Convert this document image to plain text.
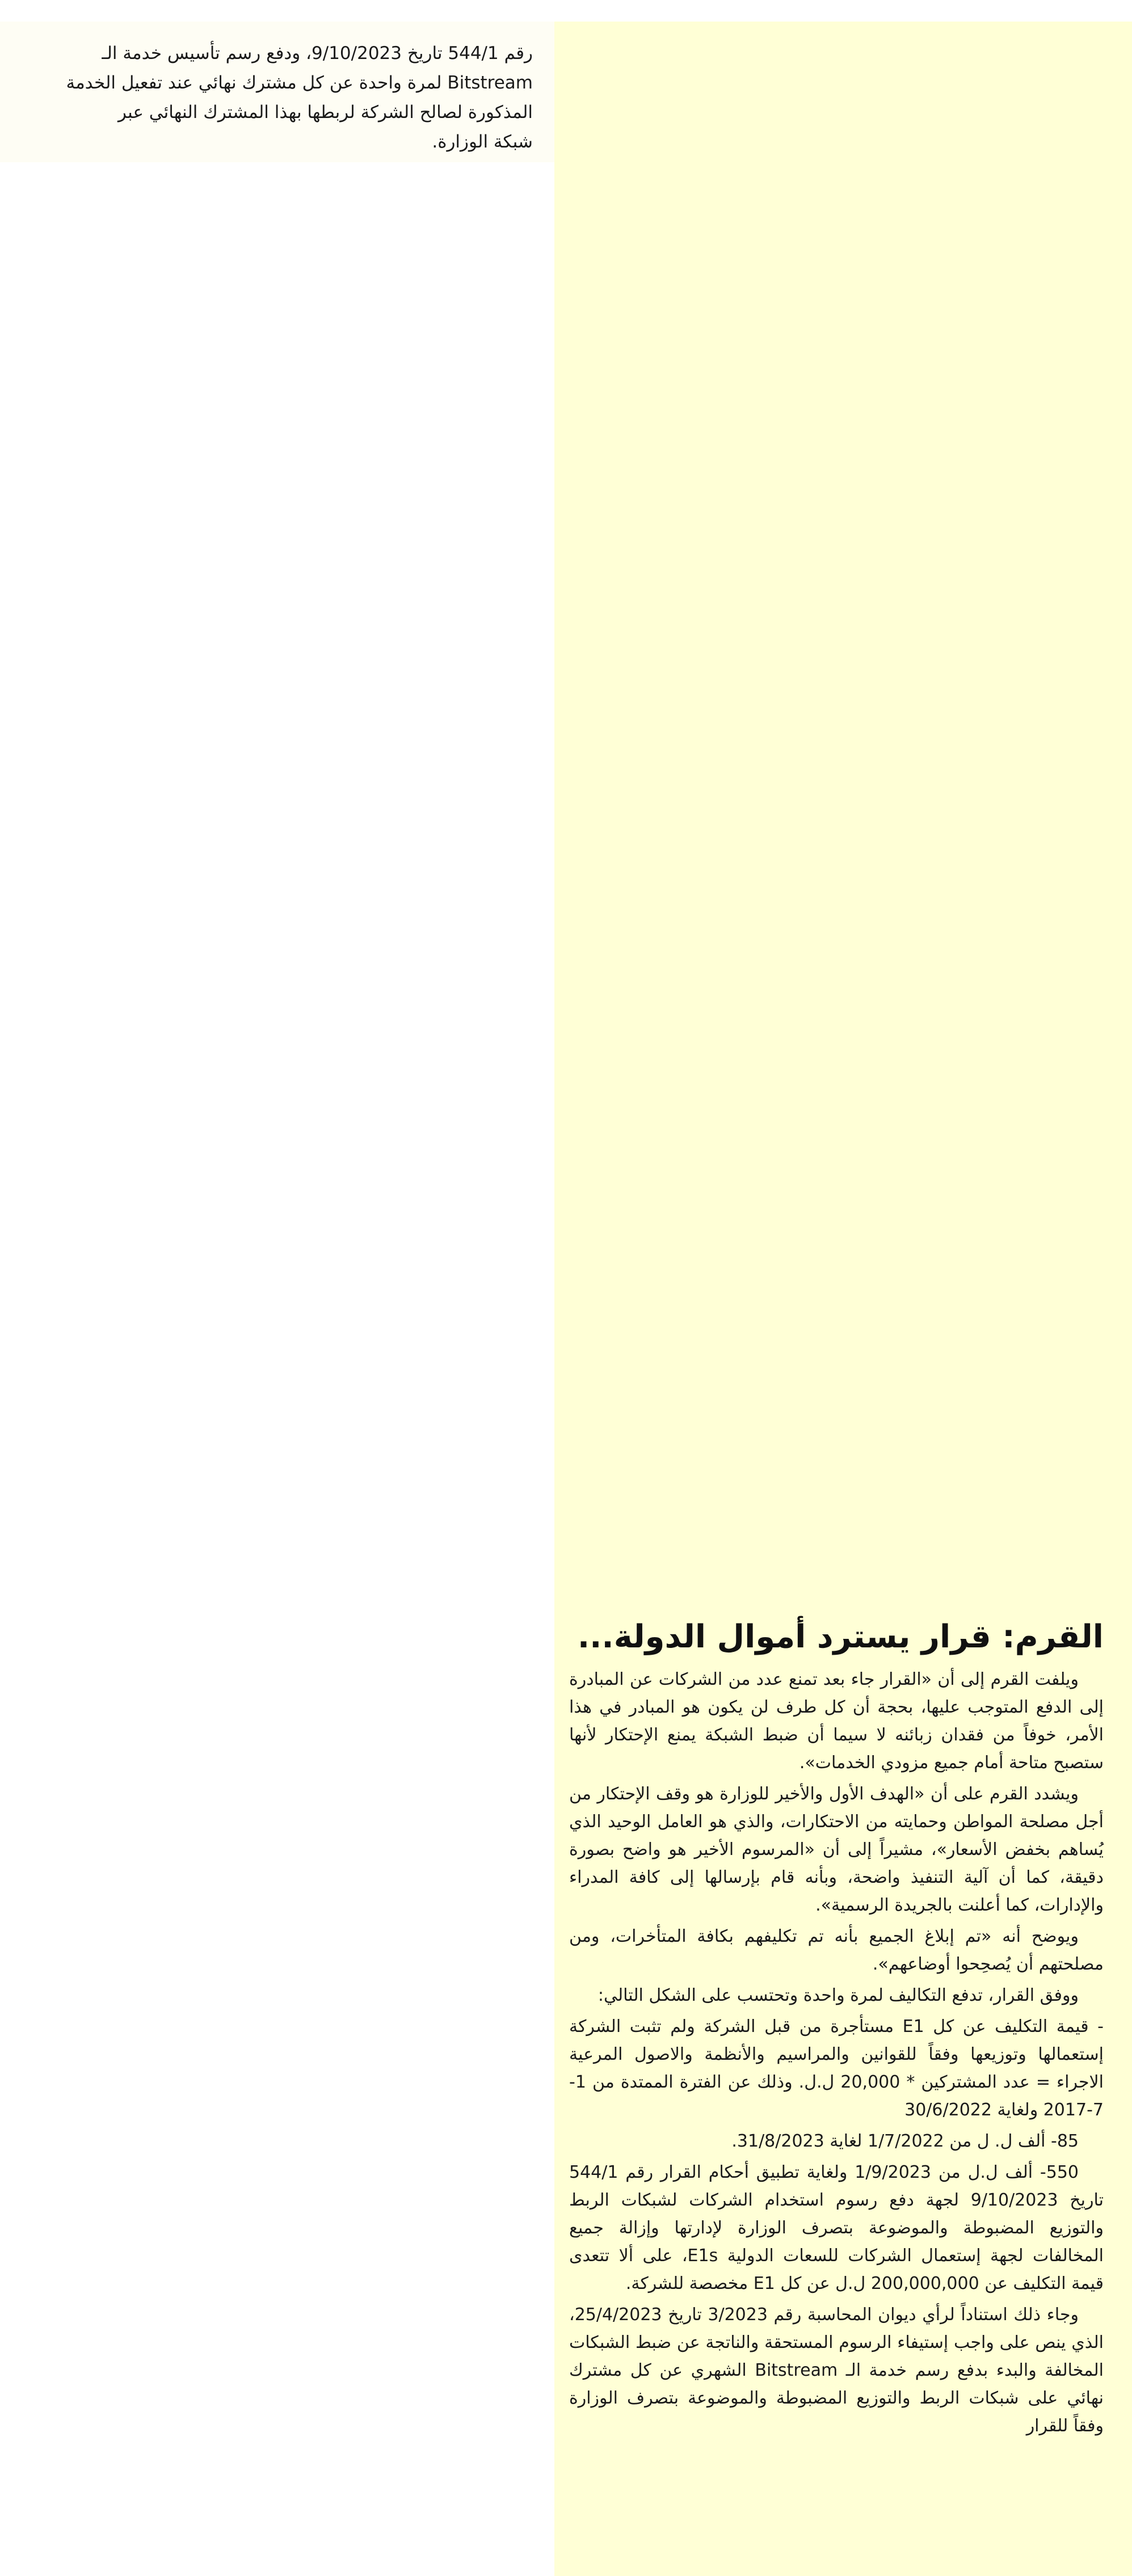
رقم 544/1 تاريخ 9/10/2023، ودفع رسم تأسيس خدمة الـ
Bitstream لمرة واحدة عن كل مشترك نهائي عند تفعيل الخدمة
المذكورة لصالح الشركة لربطها بهذا المشترك النهائي عبر
شبكة الوزارة.
القرم: قرار يسترد أموال الدولة...

ويلفت القرم إلى أن «القرار جاء بعد تمنع عدد من الشركات عن المبادرة إلى الدفع المتوجب عليها، بحجة أن كل طرف لن يكون هو المبادر في هذا الأمر، خوفاً من فقدان زبائنه لا سيما أن ضبط الشبكة يمنع الإحتكار لأنها ستصبح متاحة أمام جميع مزودي الخدمات».

ويشدد القرم على أن «الهدف الأول والأخير للوزارة هو وقف الإحتكار من أجل مصلحة المواطن وحمايته من الاحتكارات، والذي هو العامل الوحيد الذي يُساهم بخفض الأسعار»، مشيراً إلى أن «المرسوم الأخير هو واضح بصورة دقيقة، كما أن آلية التنفيذ واضحة، وبأنه قام بإرسالها إلى كافة المدراء والإدارات، كما أعلنت بالجريدة الرسمية».

ويوضح أنه «تم إبلاغ الجميع بأنه تم تكليفهم بكافة المتأخرات، ومن مصلحتهم أن يُصحِحوا أوضاعهم».

ووفق القرار، تدفع التكاليف لمرة واحدة وتحتسب على الشكل التالي:

- قيمة التكليف عن كل E1 مستأجرة من قبل الشركة ولم تثبت الشركة إستعمالها وتوزيعها وفقاً للقوانين والمراسيم والأنظمة والاصول المرعية الاجراء = عدد المشتركين * 20,000 ل.ل. وذلك عن الفترة الممتدة من 1-7-2017 ولغاية 30/6/2022

85- ألف ل. ل من 1/7/2022 لغاية 31/8/2023.

550- ألف ل.ل من 1/9/2023 ولغاية تطبيق أحكام القرار رقم 544/1 تاريخ 9/10/2023 لجهة دفع رسوم استخدام الشركات لشبكات الربط والتوزيع المضبوطة والموضوعة بتصرف الوزارة لإدارتها وإزالة جميع المخالفات لجهة إستعمال الشركات للسعات الدولية E1s، على ألا تتعدى قيمة التكليف عن 200,000,000 ل.ل عن كل E1 مخصصة للشركة.

وجاء ذلك استناداً لرأي ديوان المحاسبة رقم 3/2023 تاريخ 25/4/2023، الذي ينص على واجب إستيفاء الرسوم المستحقة والناتجة عن ضبط الشبكات المخالفة والبدء بدفع رسم خدمة الـ Bitstream الشهري عن كل مشترك نهائي على شبكات الربط والتوزيع المضبوطة والموضوعة بتصرف الوزارة وفقاً للقرار
